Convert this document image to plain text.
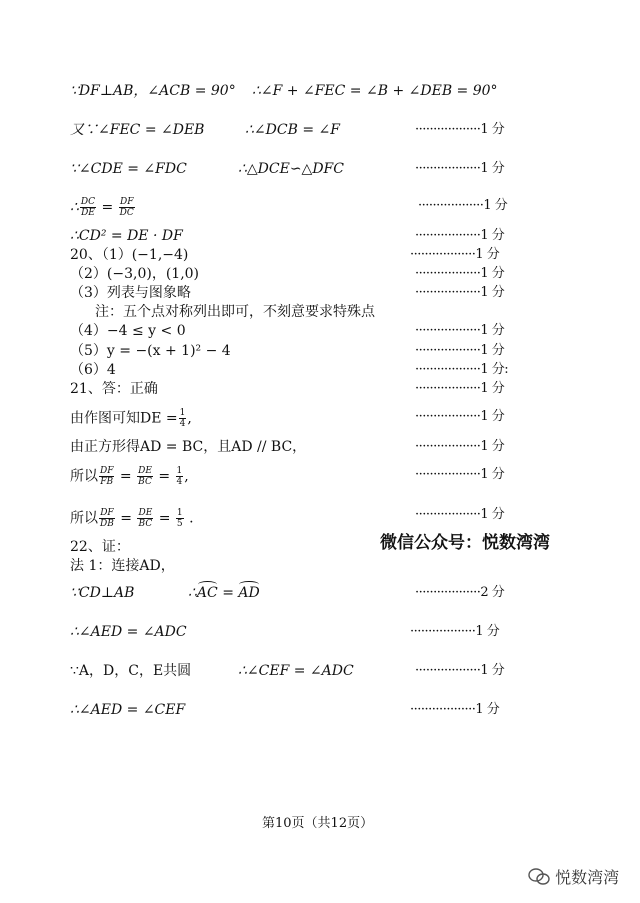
∵DF⊥AB，∠ACB = 90° ∴∠F + ∠FEC = ∠B + ∠DEB = 90°
又∵∠FEC = ∠DEB	∴∠DCB = ∠F	··················1 分
∵∠CDE = ∠FDC	∴△DCE∽△DFC	··················1 分
∴ $\frac{DC}{DE} = \frac{DF}{DC}$	··················1 分
∴CD² = DE · DF	··················1 分
20、（1）(−1,−4)	··················1 分
（2）(−3,0)，(1,0)	··················1 分
（3）列表与图象略	··················1 分
注：五个点对称列出即可，不刻意要求特殊点
（4）−4 ≤ y < 0	··················1 分
（5）y = −(x + 1)² − 4	··················1 分
（6）4	··················1 分:
21、答：正确	··················1 分
由作图可知DE = $\frac{1}{4}$ ,	··················1 分
由正方形得AD = BC，且AD // BC，	··················1 分
所以 $\frac{DF}{FB} = \frac{DE}{BC} = \frac{1}{4}$ ,	··················1 分
所以 $\frac{DF}{DB} = \frac{DE}{BC} = \frac{1}{5}$ .	··················1 分
微信公众号：悦数湾湾
22、证：
法 1：连接AD，
∵CD⊥AB	∴AC = AD	··················2 分
∴∠AED = ∠ADC	··················1 分
∵A，D，C，E共圆	∴∠CEF = ∠ADC	··················1 分
∴∠AED = ∠CEF	··················1 分
第10页（共12页）
悦数湾湾
